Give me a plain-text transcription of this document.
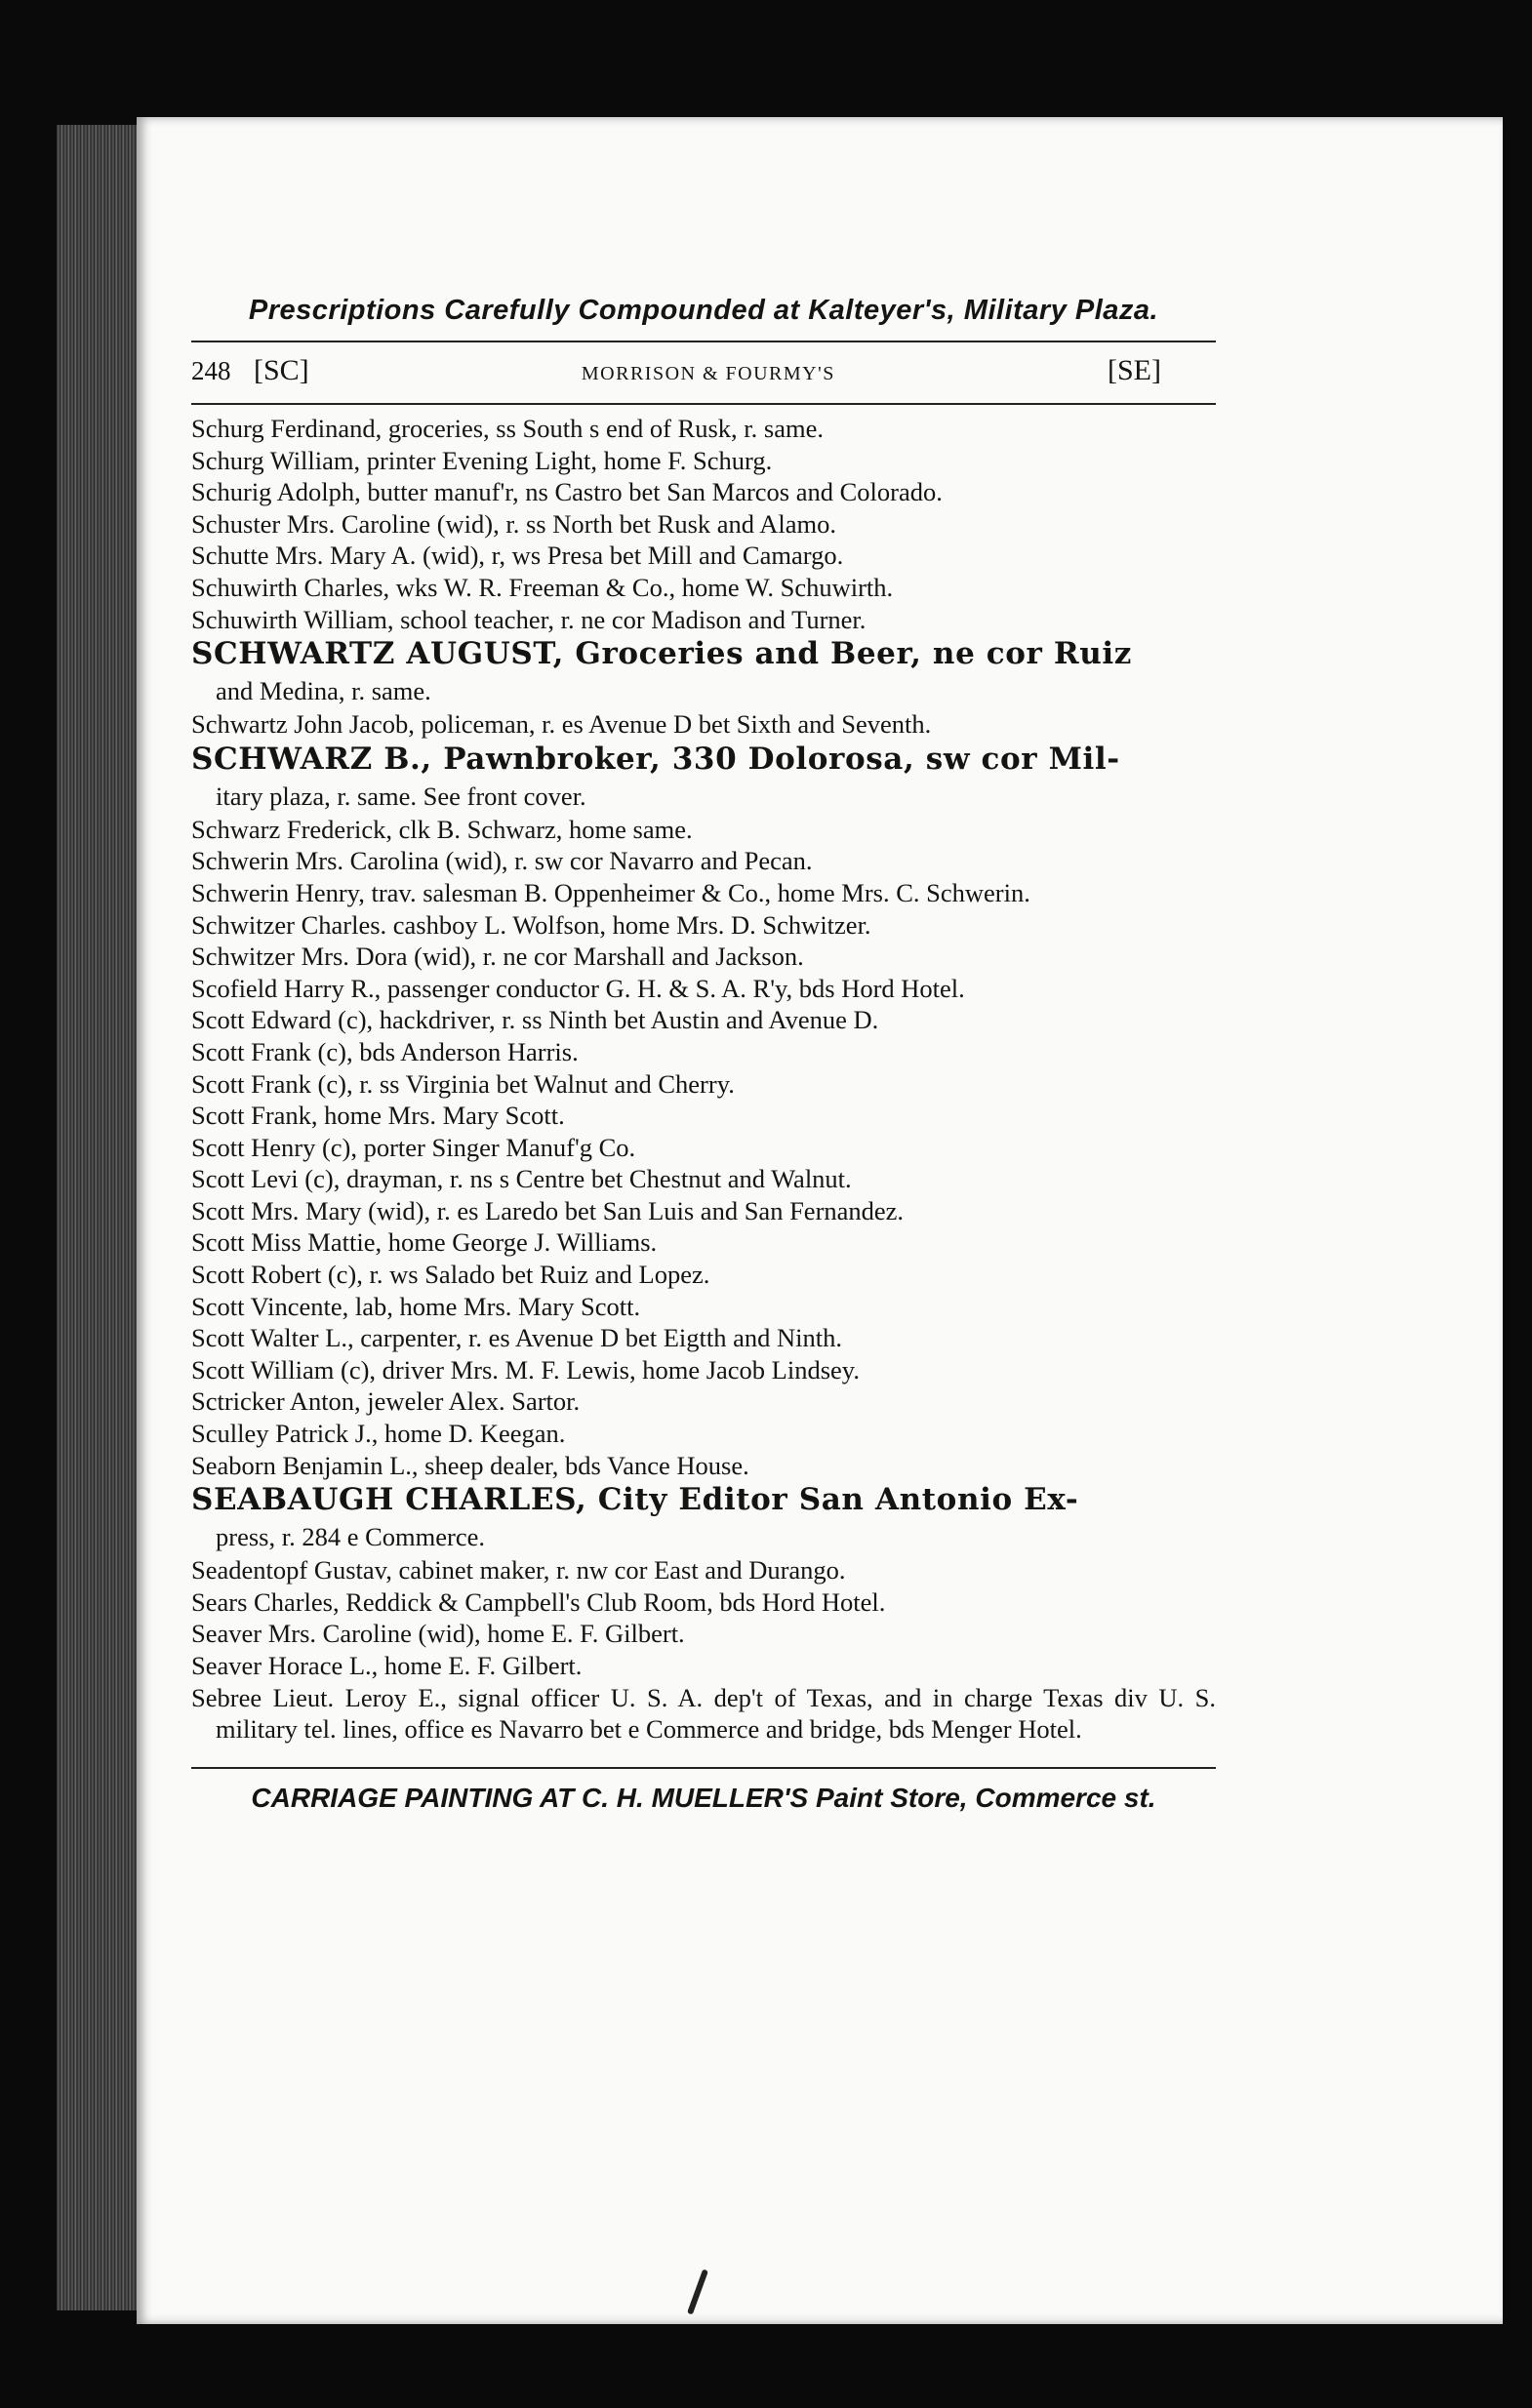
Prescriptions Carefully Compounded at Kalteyer's, Military Plaza.

248 [SC]	MORRISON & FOURMY'S	[SE]

Schurg Ferdinand, groceries, ss South s end of Rusk, r. same.

Schurg William, printer Evening Light, home F. Schurg.

Schurig Adolph, butter manuf'r, ns Castro bet San Marcos and Colorado.

Schuster Mrs. Caroline (wid), r. ss North bet Rusk and Alamo.

Schutte Mrs. Mary A. (wid), r, ws Presa bet Mill and Camargo.

Schuwirth Charles, wks W. R. Freeman & Co., home W. Schuwirth.

Schuwirth William, school teacher, r. ne cor Madison and Turner.

SCHWARTZ AUGUST, Groceries and Beer, ne cor Ruiz
and Medina, r. same.

Schwartz John Jacob, policeman, r. es Avenue D bet Sixth and Seventh.

SCHWARZ B., Pawnbroker, 330 Dolorosa, sw cor Mil-
itary plaza, r. same. See front cover.

Schwarz Frederick, clk B. Schwarz, home same.

Schwerin Mrs. Carolina (wid), r. sw cor Navarro and Pecan.

Schwerin Henry, trav. salesman B. Oppenheimer & Co., home Mrs. C. Schwerin.

Schwitzer Charles. cashboy L. Wolfson, home Mrs. D. Schwitzer.

Schwitzer Mrs. Dora (wid), r. ne cor Marshall and Jackson.

Scofield Harry R., passenger conductor G. H. & S. A. R'y, bds Hord Hotel.

Scott Edward (c), hackdriver, r. ss Ninth bet Austin and Avenue D.

Scott Frank (c), bds Anderson Harris.

Scott Frank (c), r. ss Virginia bet Walnut and Cherry.

Scott Frank, home Mrs. Mary Scott.

Scott Henry (c), porter Singer Manuf'g Co.

Scott Levi (c), drayman, r. ns s Centre bet Chestnut and Walnut.

Scott Mrs. Mary (wid), r. es Laredo bet San Luis and San Fernandez.

Scott Miss Mattie, home George J. Williams.

Scott Robert (c), r. ws Salado bet Ruiz and Lopez.

Scott Vincente, lab, home Mrs. Mary Scott.

Scott Walter L., carpenter, r. es Avenue D bet Eigtth and Ninth.

Scott William (c), driver Mrs. M. F. Lewis, home Jacob Lindsey.

Sctricker Anton, jeweler Alex. Sartor.

Sculley Patrick J., home D. Keegan.

Seaborn Benjamin L., sheep dealer, bds Vance House.

SEABAUGH CHARLES, City Editor San Antonio Ex-
press, r. 284 e Commerce.

Seadentopf Gustav, cabinet maker, r. nw cor East and Durango.

Sears Charles, Reddick & Campbell's Club Room, bds Hord Hotel.

Seaver Mrs. Caroline (wid), home E. F. Gilbert.

Seaver Horace L., home E. F. Gilbert.

Sebree Lieut. Leroy E., signal officer U. S. A. dep't of Texas, and in charge Texas div U. S. military tel. lines, office es Navarro bet e Commerce and bridge, bds Menger Hotel.

CARRIAGE PAINTING AT C. H. MUELLER'S Paint Store, Commerce st.
